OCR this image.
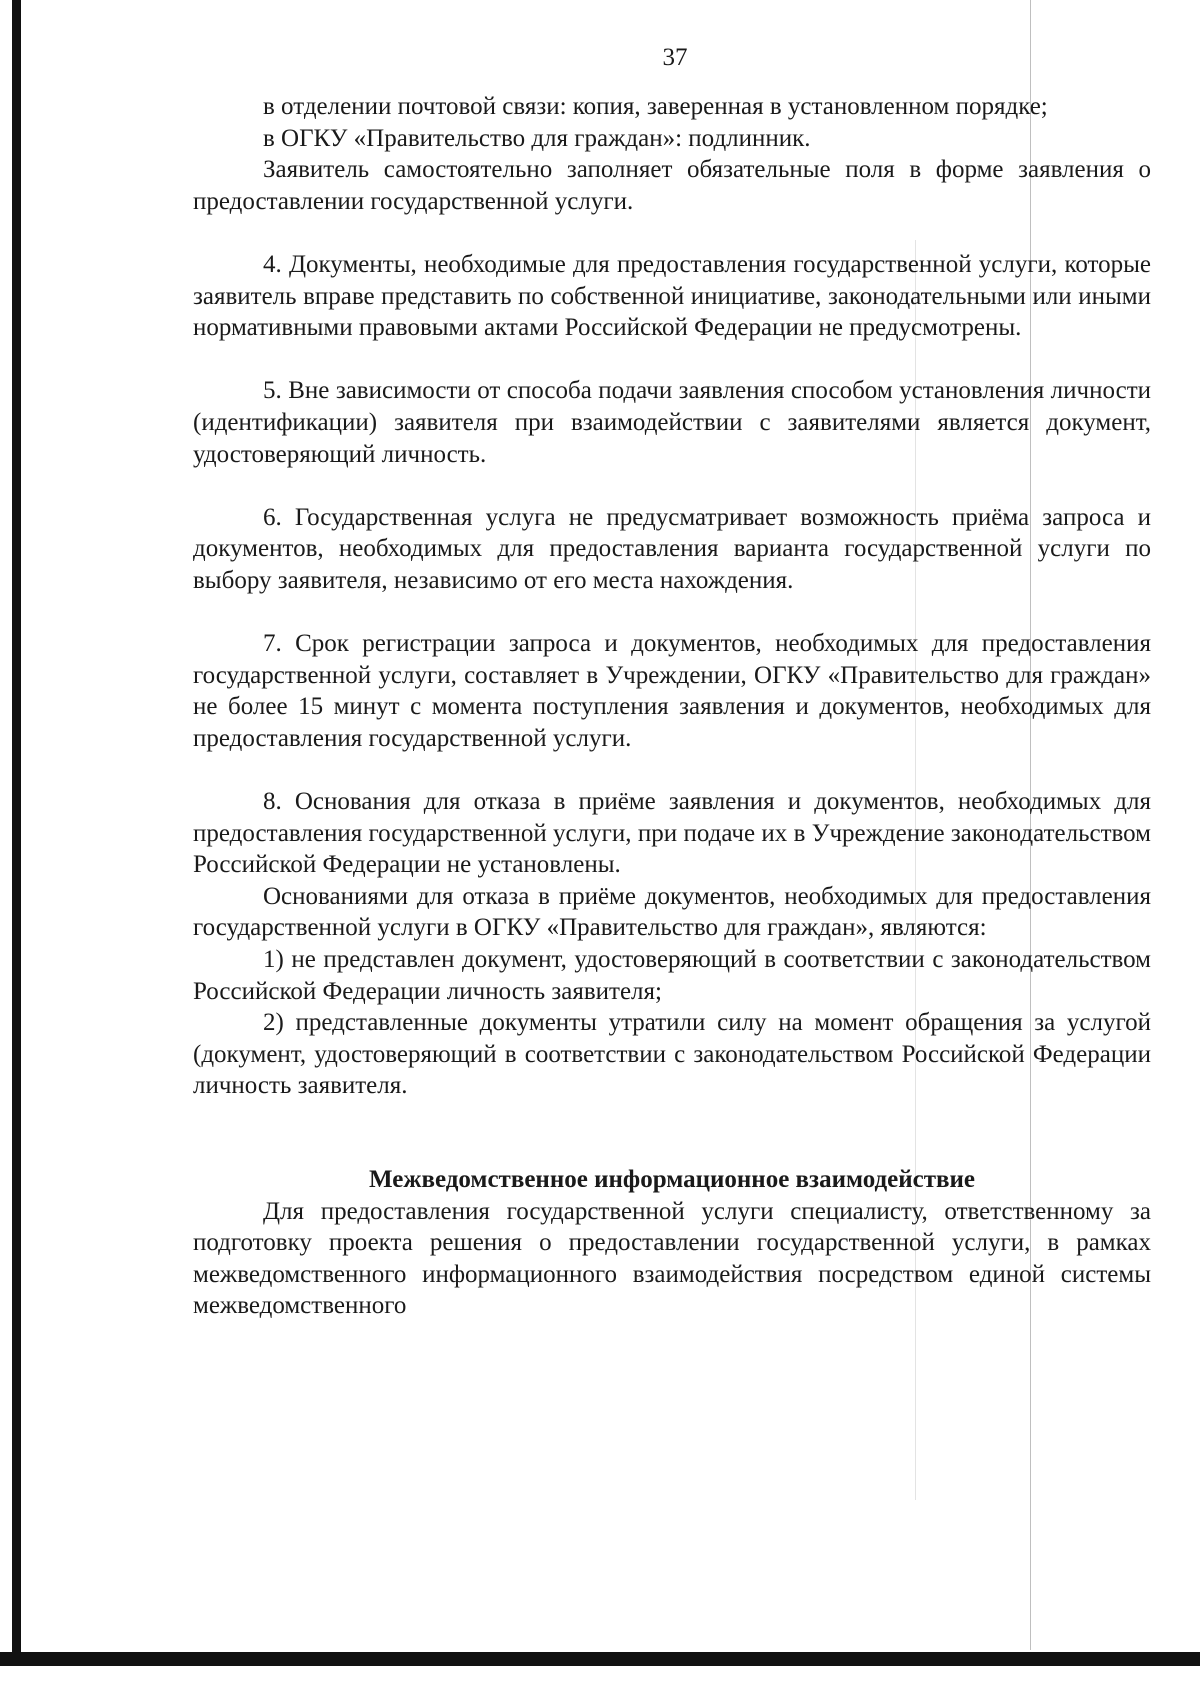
37

в отделении почтовой связи: копия, заверенная в установленном порядке;

в ОГКУ «Правительство для граждан»: подлинник.

Заявитель самостоятельно заполняет обязательные поля в форме заявления о предоставлении государственной услуги.

4. Документы, необходимые для предоставления государственной услуги, которые заявитель вправе представить по собственной инициативе, законодательными или иными нормативными правовыми актами Российской Федерации не предусмотрены.

5. Вне зависимости от способа подачи заявления способом установления личности (идентификации) заявителя при взаимодействии с заявителями является документ, удостоверяющий личность.

6. Государственная услуга не предусматривает возможность приёма запроса и документов, необходимых для предоставления варианта государственной услуги по выбору заявителя, независимо от его места нахождения.

7. Срок регистрации запроса и документов, необходимых для предоставления государственной услуги, составляет в Учреждении, ОГКУ «Правительство для граждан» не более 15 минут с момента поступления заявления и документов, необходимых для предоставления государственной услуги.

8. Основания для отказа в приёме заявления и документов, необходимых для предоставления государственной услуги, при подаче их в Учреждение законодательством Российской Федерации не установлены.

Основаниями для отказа в приёме документов, необходимых для предоставления государственной услуги в ОГКУ «Правительство для граждан», являются:

1) не представлен документ, удостоверяющий в соответствии с законодательством Российской Федерации личность заявителя;

2) представленные документы утратили силу на момент обращения за услугой (документ, удостоверяющий в соответствии с законодательством Российской Федерации личность заявителя.

Межведомственное информационное взаимодействие

Для предоставления государственной услуги специалисту, ответственному за подготовку проекта решения о предоставлении государственной услуги, в рамках межведомственного информационного взаимодействия посредством единой системы межведомственного
